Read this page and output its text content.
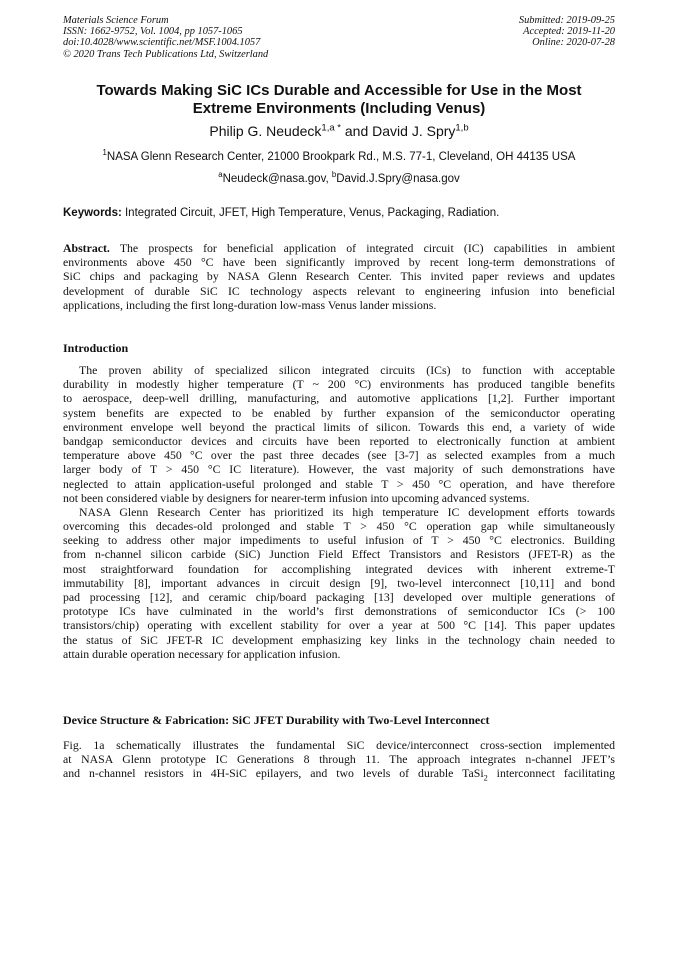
Materials Science Forum
ISSN: 1662-9752, Vol. 1004, pp 1057-1065
doi:10.4028/www.scientific.net/MSF.1004.1057
© 2020 Trans Tech Publications Ltd, Switzerland
Submitted: 2019-09-25
Accepted: 2019-11-20
Online: 2020-07-28
Towards Making SiC ICs Durable and Accessible for Use in the Most
Extreme Environments (Including Venus)
Philip G. Neudeck$^{1,a *}$ and David J. Spry$^{1,b}$
$^1$NASA Glenn Research Center, 21000 Brookpark Rd., M.S. 77-1, Cleveland, OH 44135 USA
$^a$Neudeck@nasa.gov, $^b$David.J.Spry@nasa.gov
Keywords: Integrated Circuit, JFET, High Temperature, Venus, Packaging, Radiation.
Abstract. The prospects for beneficial application of integrated circuit (IC) capabilities in ambient
environments above 450 °C have been significantly improved by recent long-term demonstrations of
SiC chips and packaging by NASA Glenn Research Center. This invited paper reviews and updates
development of durable SiC IC technology aspects relevant to engineering infusion into beneficial
applications, including the first long-duration low-mass Venus lander missions.
Introduction
The proven ability of specialized silicon integrated circuits (ICs) to function with acceptable
durability in modestly higher temperature (T ~ 200 °C) environments has produced tangible benefits
to aerospace, deep-well drilling, manufacturing, and automotive applications [1,2]. Further important
system benefits are expected to be enabled by further expansion of the semiconductor operating
environment envelope well beyond the practical limits of silicon. Towards this end, a variety of wide
bandgap semiconductor devices and circuits have been reported to electronically function at ambient
temperature above 450 °C over the past three decades (see [3-7] as selected examples from a much
larger body of T > 450 °C IC literature). However, the vast majority of such demonstrations have
neglected to attain application-useful prolonged and stable T > 450 °C operation, and have therefore
not been considered viable by designers for nearer-term infusion into upcoming advanced systems.
NASA Glenn Research Center has prioritized its high temperature IC development efforts towards
overcoming this decades-old prolonged and stable T > 450 °C operation gap while simultaneously
seeking to address other major impediments to useful infusion of T > 450 °C electronics. Building
from n-channel silicon carbide (SiC) Junction Field Effect Transistors and Resistors (JFET-R) as the
most straightforward foundation for accomplishing integrated devices with inherent extreme-T
immutability [8], important advances in circuit design [9], two-level interconnect [10,11] and bond
pad processing [12], and ceramic chip/board packaging [13] developed over multiple generations of
prototype ICs have culminated in the world’s first demonstrations of semiconductor ICs (> 100
transistors/chip) operating with excellent stability for over a year at 500 °C [14]. This paper updates
the status of SiC JFET-R IC development emphasizing key links in the technology chain needed to
attain durable operation necessary for application infusion.
Device Structure & Fabrication: SiC JFET Durability with Two-Level Interconnect
Fig. 1a schematically illustrates the fundamental SiC device/interconnect cross-section implemented
at NASA Glenn prototype IC Generations 8 through 11. The approach integrates n-channel JFET’s
and n-channel resistors in 4H-SiC epilayers, and two levels of durable TaSi$_2$ interconnect facilitating
